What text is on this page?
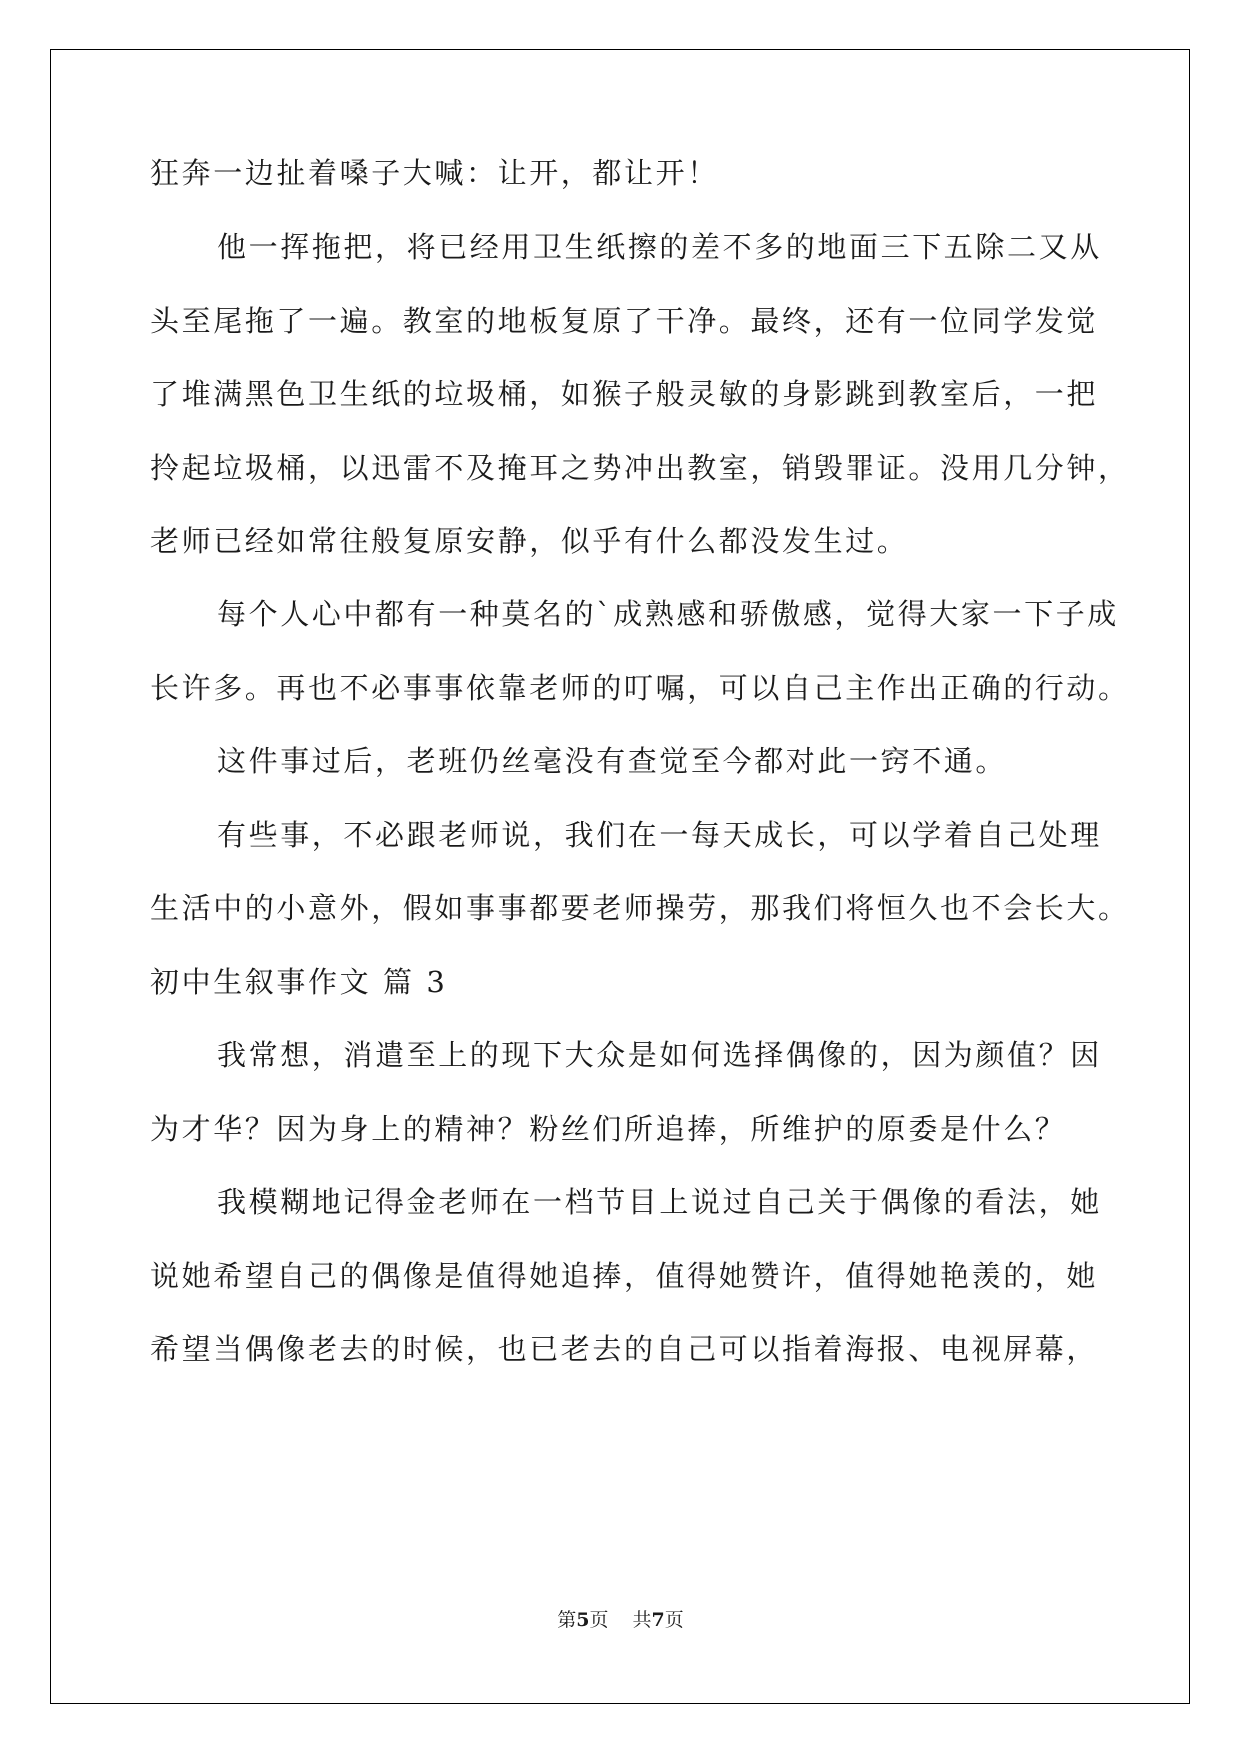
狂奔一边扯着嗓子大喊：让开，都让开！
他一挥拖把，将已经用卫生纸擦的差不多的地面三下五除二又从
头至尾拖了一遍。教室的地板复原了干净。最终，还有一位同学发觉
了堆满黑色卫生纸的垃圾桶，如猴子般灵敏的身影跳到教室后，一把
拎起垃圾桶，以迅雷不及掩耳之势冲出教室，销毁罪证。没用几分钟，
老师已经如常往般复原安静，似乎有什么都没发生过。
每个人心中都有一种莫名的`成熟感和骄傲感，觉得大家一下子成
长许多。再也不必事事依靠老师的叮嘱，可以自己主作出正确的行动。
这件事过后，老班仍丝毫没有查觉至今都对此一窍不通。
有些事，不必跟老师说，我们在一每天成长，可以学着自己处理
生活中的小意外，假如事事都要老师操劳，那我们将恒久也不会长大。
初中生叙事作文 篇 3
我常想，消遣至上的现下大众是如何选择偶像的，因为颜值？因
为才华？因为身上的精神？粉丝们所追捧，所维护的原委是什么？
我模糊地记得金老师在一档节目上说过自己关于偶像的看法，她
说她希望自己的偶像是值得她追捧，值得她赞许，值得她艳羡的，她
希望当偶像老去的时候，也已老去的自己可以指着海报、电视屏幕，
第5页 共7页
